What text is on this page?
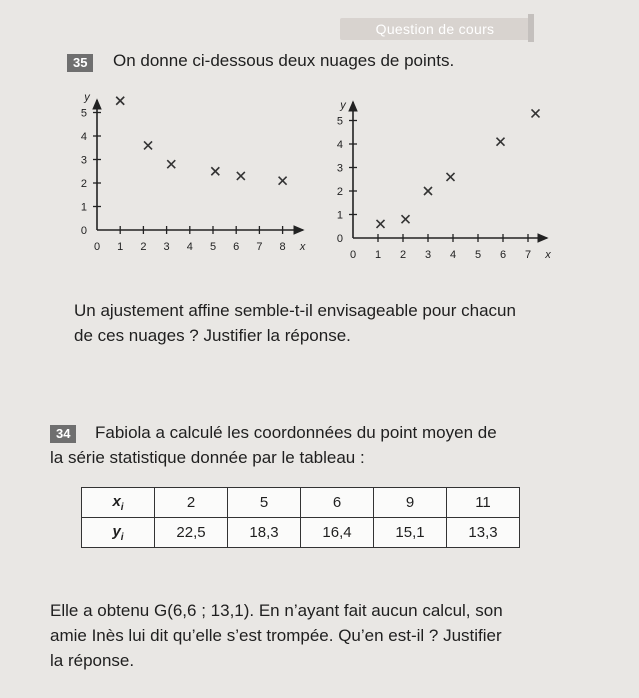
Question de cours
35	On donne ci-dessous deux nuages de points.
0 1 2 3 4 5 6 7 8
0
1
2
3
4
5
x
y
0 1 2 3 4 5 6 7
0
1
2
3
4
5
x
y
Un ajustement affine semble-t-il envisageable pour chacun
de ces nuages ? Justifier la réponse.
34	Fabiola a calculé les coordonnées du point moyen de
la série statistique donnée par le tableau :
$x_i$	2	5	6	9	11
$y_i$	22,5	18,3	16,4	15,1	13,3
Elle a obtenu G(6,6 ; 13,1). En n’ayant fait aucun calcul, son
amie Inès lui dit qu’elle s’est trompée. Qu’en est-il ? Justifier
la réponse.
